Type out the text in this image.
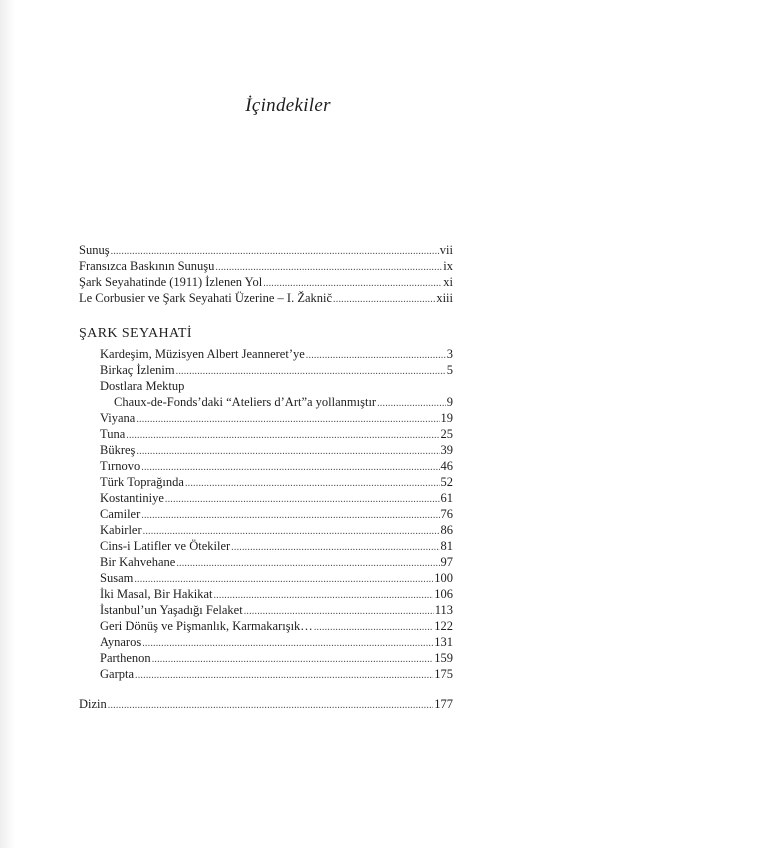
İçindekiler
Sunuş .....	vii
Fransızca Baskının Sunuşu .....	ix
Şark Seyahatinde (1911) İzlenen Yol .....	xi
Le Corbusier ve Şark Seyahati Üzerine – I. Žaknič .....	xiii
ŞARK SEYAHATİ
Kardeşim, Müzisyen Albert Jeanneret’ye .....	3
Birkaç İzlenim .....	5
Dostlara Mektup
Chaux-de-Fonds’daki “Ateliers d’Art”a yollanmıştır .....	9
Viyana .....	19
Tuna .....	25
Bükreş .....	39
Tırnovo .....	46
Türk Toprağında .....	52
Kostantiniye .....	61
Camiler .....	76
Kabirler .....	86
Cins-i Latifler ve Ötekiler .....	81
Bir Kahvehane .....	97
Susam .....	100
İki Masal, Bir Hakikat .....	106
İstanbul’un Yaşadığı Felaket .....	113
Geri Dönüş ve Pişmanlık, Karmakarışık… .....	122
Aynaros .....	131
Parthenon .....	159
Garpta .....	175
Dizin .....	177
